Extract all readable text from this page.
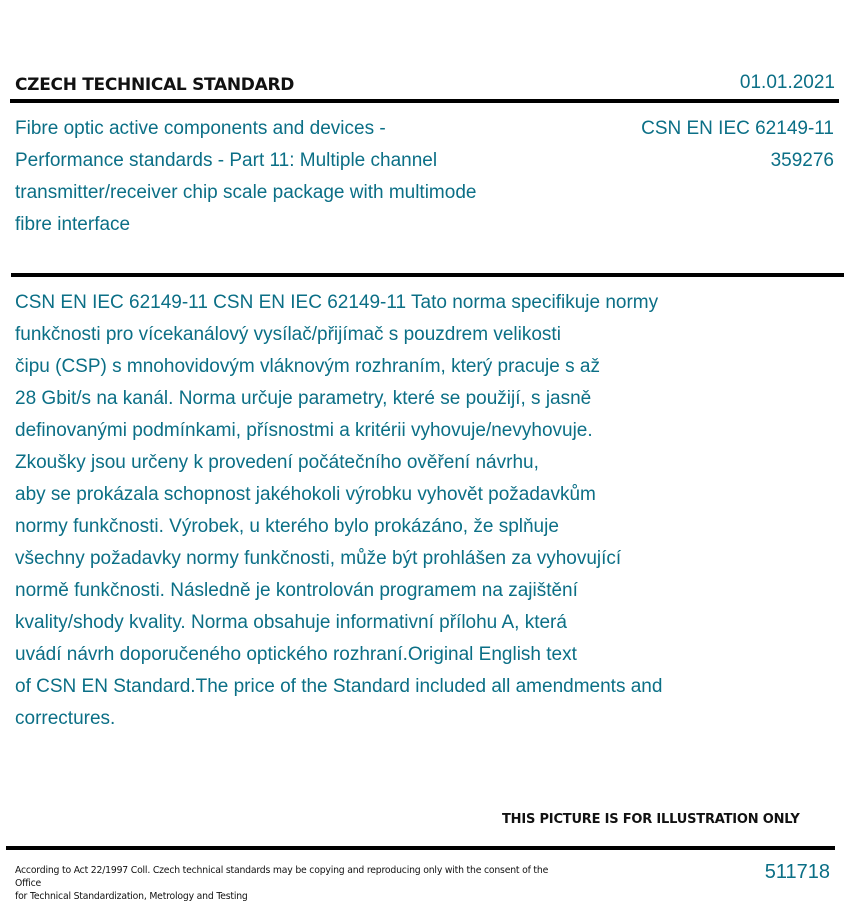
CZECH TECHNICAL STANDARD	01.01.2021
Fibre optic active components and devices - Performance standards - Part 11: Multiple channel transmitter/receiver chip scale package with multimode fibre interface
CSN EN IEC 62149-11
359276
CSN EN IEC 62149-11 CSN EN IEC 62149-11 Tato norma specifikuje normy
funkčnosti pro vícekanálový vysílač/přijímač s pouzdrem velikosti
čipu (CSP) s mnohovidovým vláknovým rozhraním, který pracuje s až
28 Gbit/s na kanál. Norma určuje parametry, které se použijí, s jasně
definovanými podmínkami, přísnostmi a kritérii vyhovuje/nevyhovuje.
Zkoušky jsou určeny k provedení počátečního ověření návrhu,
aby se prokázala schopnost jakéhokoli výrobku vyhovět požadavkům
normy funkčnosti. Výrobek, u kterého bylo prokázáno, že splňuje
všechny požadavky normy funkčnosti, může být prohlášen za vyhovující
normě funkčnosti. Následně je kontrolován programem na zajištění
kvality/shody kvality. Norma obsahuje informativní přílohu A, která
uvádí návrh doporučeného optického rozhraní.Original English text
of CSN EN Standard.The price of the Standard included all amendments and
correctures.
THIS PICTURE IS FOR ILLUSTRATION ONLY
According to Act 22/1997 Coll. Czech technical standards may be copying and reproducing only with the consent of the Office
for Technical Standardization, Metrology and Testing
511718
